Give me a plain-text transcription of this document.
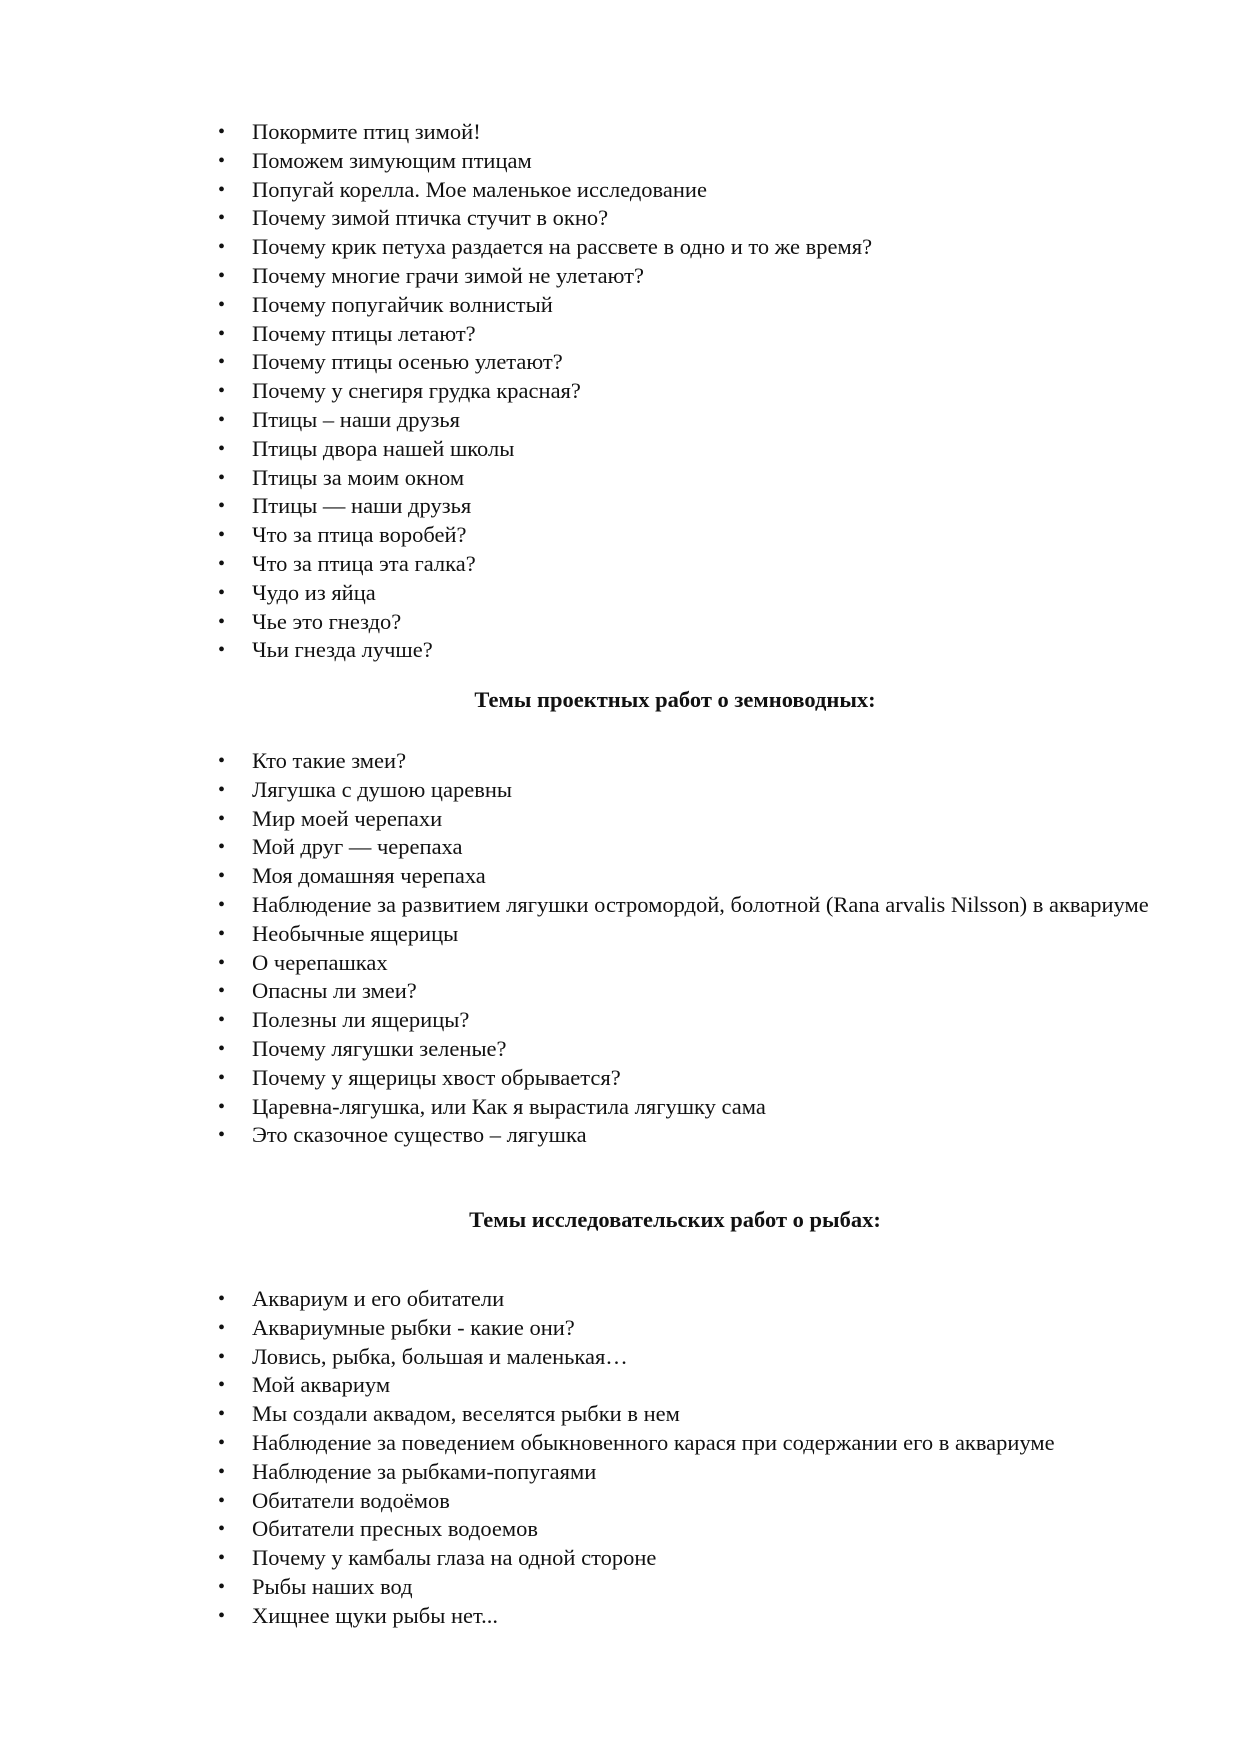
• Покормите птиц зимой!
• Поможем зимующим птицам
• Попугай корелла. Мое маленькое исследование
• Почему зимой птичка стучит в окно?
• Почему крик петуха раздается на рассвете в одно и то же время?
• Почему многие грачи зимой не улетают?
• Почему попугайчик волнистый
• Почему птицы летают?
• Почему птицы осенью улетают?
• Почему у снегиря грудка красная?
• Птицы – наши друзья
• Птицы двора нашей школы
• Птицы за моим окном
• Птицы — наши друзья
• Что за птица воробей?
• Что за птица эта галка?
• Чудо из яйца
• Чье это гнездо?
• Чьи гнезда лучше?
Темы проектных работ о земноводных:
• Кто такие змеи?
• Лягушка с душою царевны
• Мир моей черепахи
• Мой друг — черепаха
• Моя домашняя черепаха
• Наблюдение за развитием лягушки остромордой, болотной (Rana arvalis Nilsson) в аквариуме
• Необычные ящерицы
• О черепашках
• Опасны ли змеи?
• Полезны ли ящерицы?
• Почему лягушки зеленые?
• Почему у ящерицы хвост обрывается?
• Царевна-лягушка, или Как я вырастила лягушку сама
• Это сказочное существо – лягушка
Темы исследовательских работ о рыбах:
• Аквариум и его обитатели
• Аквариумные рыбки - какие они?
• Ловись, рыбка, большая и маленькая…
• Мой аквариум
• Мы создали аквадом, веселятся рыбки в нем
• Наблюдение за поведением обыкновенного карася при содержании его в аквариуме
• Наблюдение за рыбками-попугаями
• Обитатели водоёмов
• Обитатели пресных водоемов
• Почему у камбалы глаза на одной стороне
• Рыбы наших вод
• Хищнее щуки рыбы нет...
